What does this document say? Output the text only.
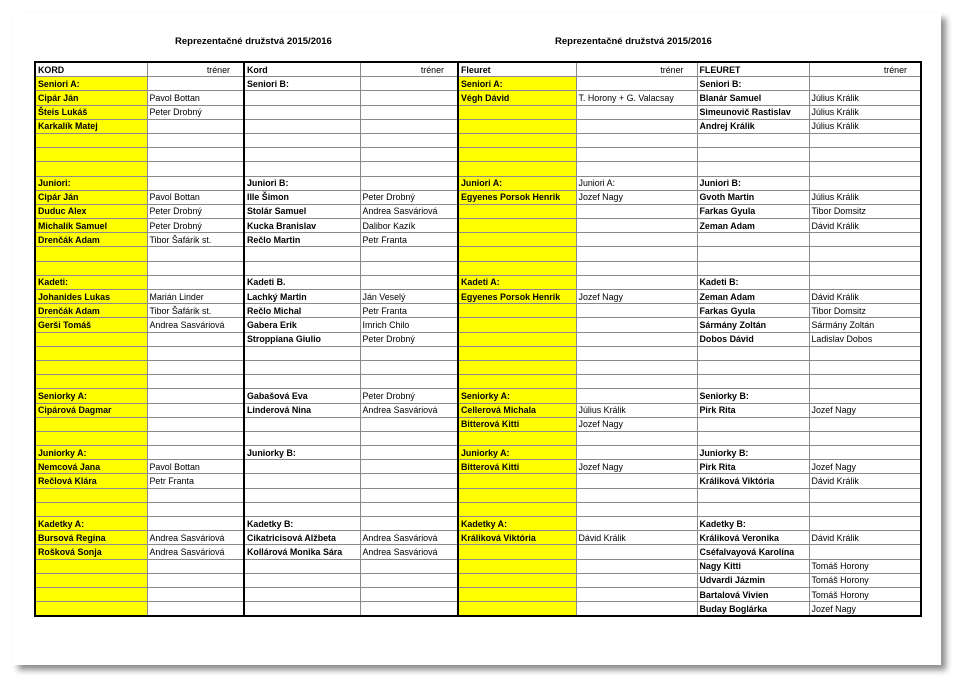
Reprezentačné družstvá 2015/2016	Reprezentačné družstvá 2015/2016
KORD	tréner	Kord	tréner	Fleuret	tréner	FLEURET	tréner
Seniori A:		Seniori B:		Seniori A:		Seniori B:	
Cipár Ján	Pavol Bottan			Végh Dávid	T. Horony + G. Valacsay	Blanár Samuel	Július Králik
Šteis Lukáš	Peter Drobný					Simeunovič Rastislav	Július Králik
Karkalík Matej						Andrej Králik	Július Králik

Juniori:		Juniori B:		Juniori A:	Juniori A:	Juniori B:	
Cipár Ján	Pavol Bottan	Ille Šimon	Peter Drobný	Egyenes Porsok Henrik	Jozef Nagy	Gvoth Martin	Július Králik
Duduc Alex	Peter Drobný	Stolár Samuel	Andrea Sasváriová			Farkas Gyula	Tibor Domsitz
Michalík Samuel	Peter Drobný	Kucka Branislav	Dalibor Kazík			Zeman Adam	Dávid Králik
Drenčák Adam	Tibor Šafárik st.	Rečlo Martin	Petr Franta				

Kadeti:		Kadeti B.		Kadeti A:		Kadeti B:	
Johanides Lukas	Marián Linder	Lachký Martin	Ján Veselý	Egyenes Porsok Henrik	Jozef Nagy	Zeman Adam	Dávid Králik
Drenčák Adam	Tibor Šafárik st.	Rečlo Michal	Petr Franta			Farkas Gyula	Tibor Domsitz
Gerši Tomáš	Andrea Sasváriová	Gabera Erik	Imrich Chilo			Sármány Zoltán	Sármány Zoltán
		Stroppiana Giulio	Peter Drobný			Dobos Dávid	Ladislav Dobos

Seniorky A:		Gabašová Eva	Peter Drobný	Seniorky A:		Seniorky B:	
Cipárová Dagmar		Linderová Nina	Andrea Sasváriová	Cellerová Michala	Július Králik	Pirk Rita	Jozef Nagy
				Bitterová Kitti	Jozef Nagy		

Juniorky A:		Juniorky B:		Juniorky A:		Juniorky B:	
Nemcová Jana	Pavol Bottan			Bitterová Kitti	Jozef Nagy	Pirk Rita	Jozef Nagy
Rečlová Klára	Petr Franta					Králiková Viktória	Dávid Králik

Kadetky A:		Kadetky B:		Kadetky A:		Kadetky B:	
Bursová Regína	Andrea Sasváriová	Cikatricisová Alžbeta	Andrea Sasváriová	Králiková Viktória	Dávid Králik	Králiková Veronika	Dávid Králik
Rošková Sonja	Andrea Sasváriová	Kollárová Monika Sára	Andrea Sasváriová			Cséfalvayová Karolína	
						Nagy Kitti	Tomáš Horony
						Udvardi Jázmin	Tomáš Horony
						Bartalová Vivien	Tomáš Horony
						Buday Boglárka	Jozef Nagy
